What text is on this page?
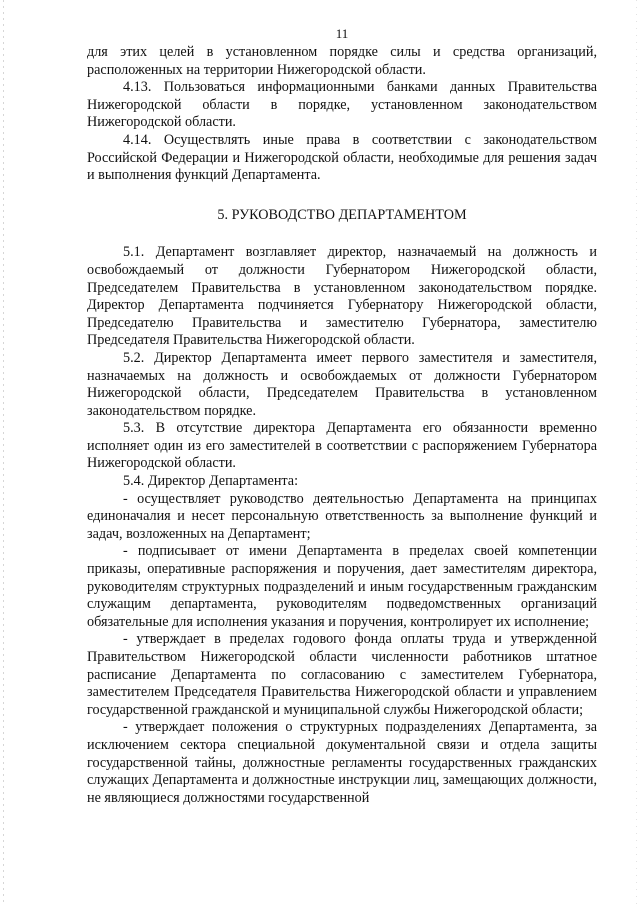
11

для этих целей в установленном порядке силы и средства организаций, расположенных на территории Нижегородской области.

4.13. Пользоваться информационными банками данных Правительства Нижегородской области в порядке, установленном законодательством Нижегородской области.

4.14. Осуществлять иные права в соответствии с законодательством Российской Федерации и Нижегородской области, необходимые для решения задач и выполнения функций Департамента.

5. РУКОВОДСТВО ДЕПАРТАМЕНТОМ

5.1. Департамент возглавляет директор, назначаемый на должность и освобождаемый от должности Губернатором Нижегородской области, Председателем Правительства в установленном законодательством порядке. Директор Департамента подчиняется Губернатору Нижегородской области, Председателю Правительства и заместителю Губернатора, заместителю Председателя Правительства Нижегородской области.

5.2. Директор Департамента имеет первого заместителя и заместителя, назначаемых на должность и освобождаемых от должности Губернатором Нижегородской области, Председателем Правительства в установленном законодательством порядке.

5.3. В отсутствие директора Департамента его обязанности временно исполняет один из его заместителей в соответствии с распоряжением Губернатора Нижегородской области.

5.4. Директор Департамента:

- осуществляет руководство деятельностью Департамента на принципах единоначалия и несет персональную ответственность за выполнение функций и задач, возложенных на Департамент;

- подписывает от имени Департамента в пределах своей компетенции приказы, оперативные распоряжения и поручения, дает заместителям директора, руководителям структурных подразделений и иным государственным гражданским служащим департамента, руководителям подведомственных организаций обязательные для исполнения указания и поручения, контролирует их исполнение;

- утверждает в пределах годового фонда оплаты труда и утвержденной Правительством Нижегородской области численности работников штатное расписание Департамента по согласованию с заместителем Губернатора, заместителем Председателя Правительства Нижегородской области и управлением государственной гражданской и муниципальной службы Нижегородской области;

- утверждает положения о структурных подразделениях Департамента, за исключением сектора специальной документальной связи и отдела защиты государственной тайны, должностные регламенты государственных гражданских служащих Департамента и должностные инструкции лиц, замещающих должности, не являющиеся должностями государственной
